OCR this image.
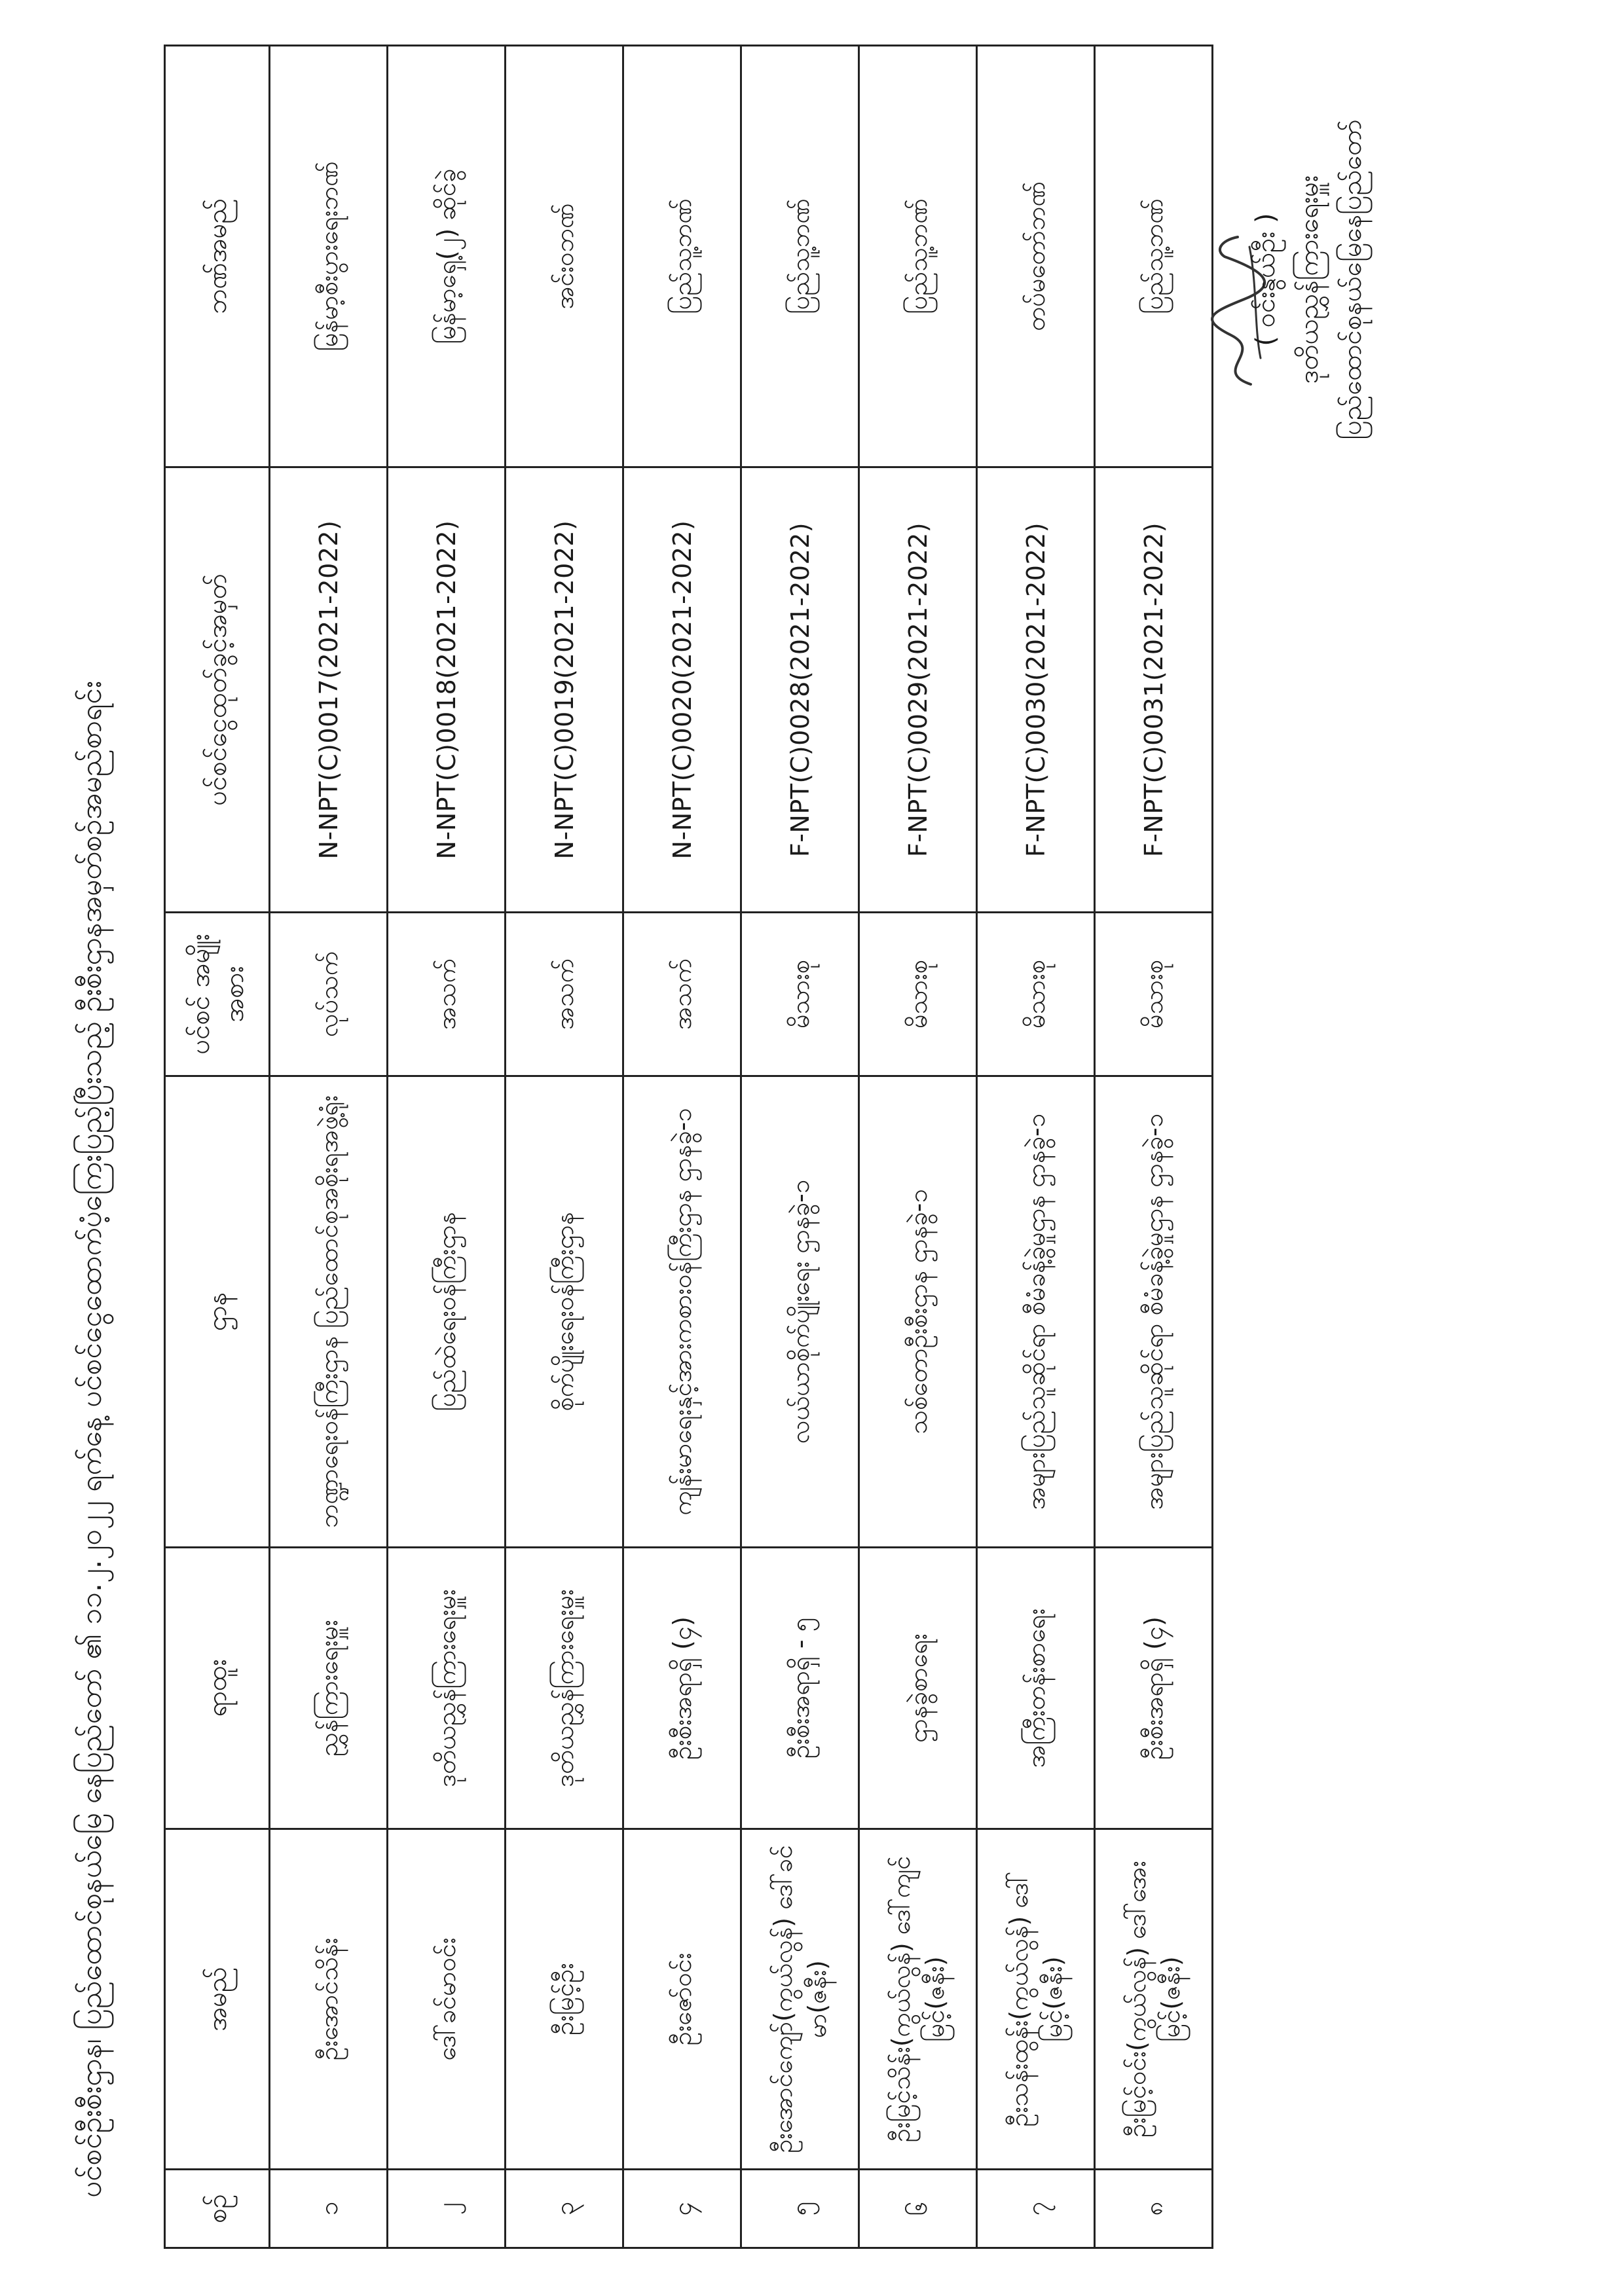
ပင်စင်ဦးစီးဌာန၊ ပြည်ထောင်စုနယ်မြေ နေပြည်တော် ၏ ၁၁.၂.၂၀၂၂ ရက်နေ့ ပင်စင်ငွေထောက်ပံ့ကြေးပြည့်ပြီးသည့် ဦးစီးဌာနအမှတ်စဉ်အမည်စာရင်း
စဉ်	အမည်	ရာထူး	ဌာန	ပင်စင် အမျိုးအစား	ပင်စင်ငွေထုတ်ခွင့်အမှတ်	ဘဏ်အမည်
၁	ဦးအောင်သိန်း	ညွှန်ကြားရေးမှူး	ဘဏ္ဍာရေးဝန်ကြီးဌာန ပြည်ထောင်စုအစိုးရအဖွဲ့ရုံး	လုပ်သက်	N-NPT(C)0017(2021-2022)	မြန်မာ့စီးပွားရေးဘဏ်
၂	ဒေါ်ခင်မာဝင်း	ဒုတိယညွှန်ကြားရေးမှူး	ပြည်ထဲရေးဝန်ကြီးဌာန	အသက်	N-NPT(C)0018(2021-2022)	မြန်မာ့ရှေ့(၂) ဆိုင်ခွဲ
၃	ဦးမြင့်ဦး	ဒုတိယညွှန်ကြားရေးမှူး	စိုက်ပျိုးရေးဝန်ကြီးဌာန	အသက်	N-NPT(C)0019(2021-2022)	အင်းဝဘဏ်
၄	ဦးဇော်ဝင်း	ဦးစီးအရာရှိ (၄)	ကျန်းမာရေးနှင့်အားကစားဝန်ကြီးဌာန ဌာနခွဲ-၁	အသက်	N-NPT(C)0020(2021-2022)	ပြည်သူ့ဘဏ်
၅	ဦးအောင်ကျော်(ကွယ်လွန်) ဒေါ်ခင်မာ(ဇနီး)	ဦးစီးအရာရှိ - ၅	လယ်ယာစိုက်ပျိုးရေး ဌာနခွဲ-၁	မိသားစု	F-NPT(C)0028(2021-2022)	ပြည်သူ့ဘဏ်
၆	ဦးမြင့်သိန်း(ကွယ်လွန်) ဒေါ်ကျင်မြင့်(ဇနီး)	ဌာနခွဲစာရေး	သစ်တောဦးစီးဌာန ဌာနခွဲ-၁	မိသားစု	F-NPT(C)0029(2021-2022)	ပြည်သူ့ဘဏ်
၇	ဦးသန်းထွန်း(ကွယ်လွန်) ဒေါ်မြင့်(ဇနီး)	အကြီးတန်းစာရေး	အများပြည်သူဆိုင်ရာ စီမံခန့်ခွဲမှုဌာန ဌာနခွဲ-၁	မိသားစု	F-NPT(C)0030(2021-2022)	တပ်မတော်ဘဏ်
၈	ဦးမြင့်ဝင်း(ကွယ်လွန်) ဒေါ်အေးမြင့်(ဇနီး)	ဦးစီးအရာရှိ (၄)	အများပြည်သူဆိုင်ရာ စီမံခန့်ခွဲမှုဌာန ဌာနခွဲ-၁	မိသားစု	F-NPT(C)0031(2021-2022)	ပြည်သူ့ဘဏ်	( ဝင်းနွယ်ဦး ) ဒုတိယညွှန်ကြားရေးမှူး ပြည်ထောင်စုနယ်မြေနေပြည်တော်
